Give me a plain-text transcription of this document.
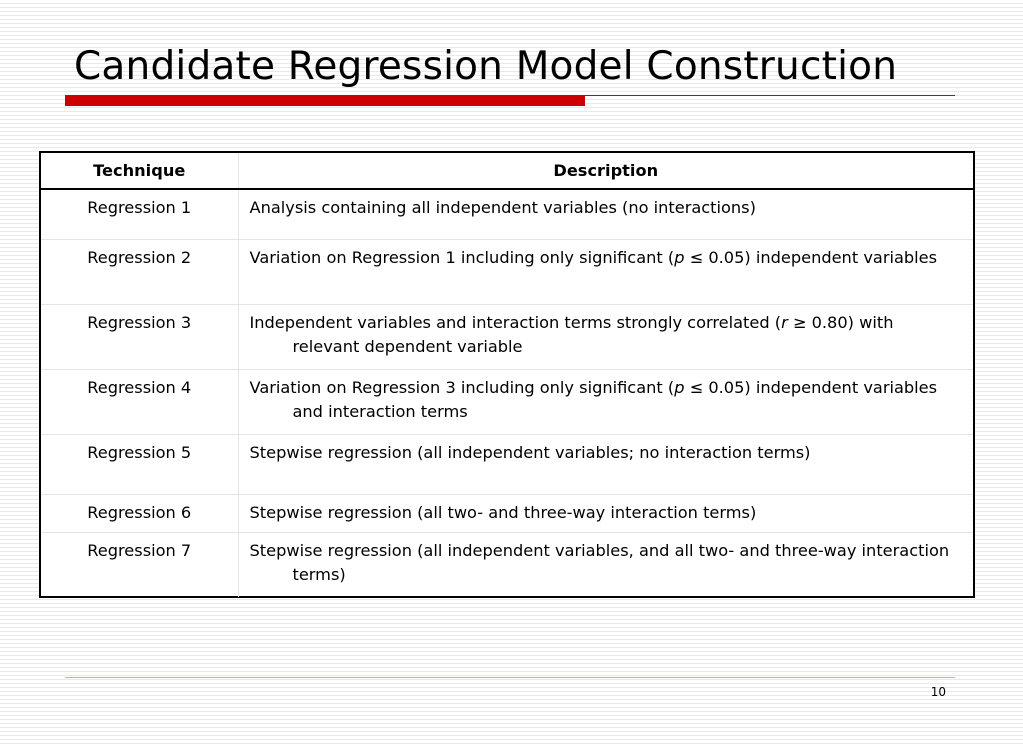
Candidate Regression Model Construction
Technique	Description
Regression 1	Analysis containing all independent variables (no interactions)
Regression 2	Variation on Regression 1 including only significant (p ≤ 0.05) independent variables
Regression 3	Independent variables and interaction terms strongly correlated (r ≥ 0.80) with relevant dependent variable
Regression 4	Variation on Regression 3 including only significant (p ≤ 0.05) independent variables and interaction terms
Regression 5	Stepwise regression (all independent variables; no interaction terms)
Regression 6	Stepwise regression (all two- and three-way interaction terms)
Regression 7	Stepwise regression (all independent variables, and all two- and three-way interaction terms)
10
